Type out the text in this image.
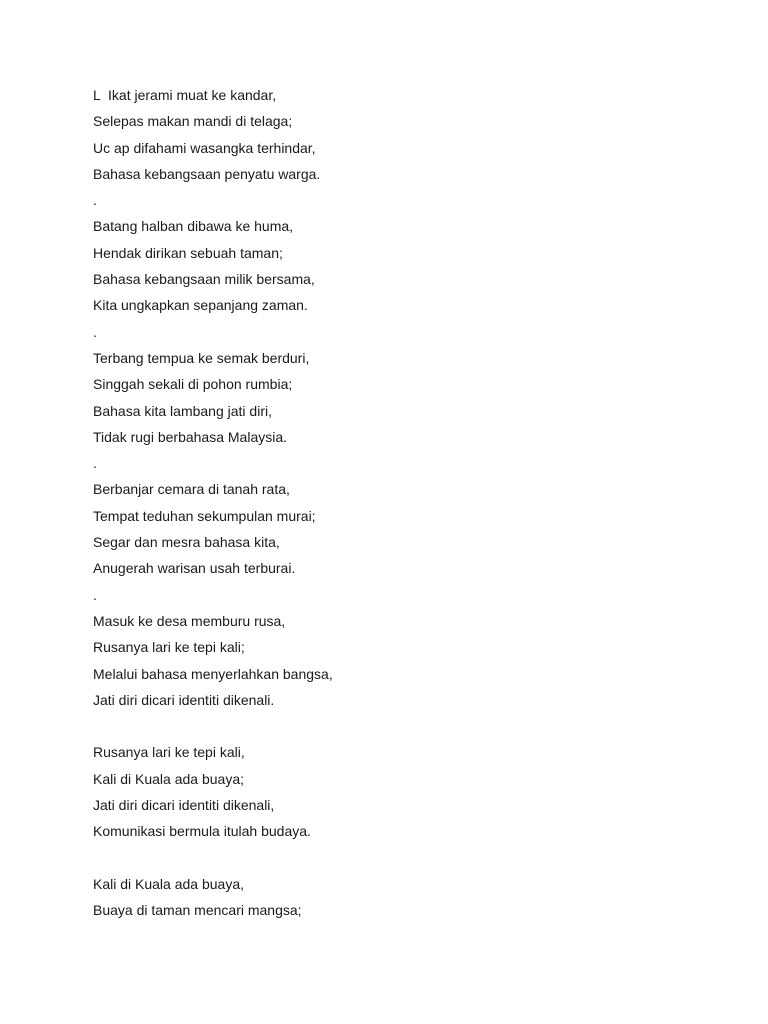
L  Ikat jerami muat ke kandar,
Selepas makan mandi di telaga;
Uc ap difahami wasangka terhindar,
Bahasa kebangsaan penyatu warga.
.
Batang halban dibawa ke huma,
Hendak dirikan sebuah taman;
Bahasa kebangsaan milik bersama,
Kita ungkapkan sepanjang zaman.
.
Terbang tempua ke semak berduri,
Singgah sekali di pohon rumbia;
Bahasa kita lambang jati diri,
Tidak rugi berbahasa Malaysia.
.
Berbanjar cemara di tanah rata,
Tempat teduhan sekumpulan murai;
Segar dan mesra bahasa kita,
Anugerah warisan usah terburai.
.
Masuk ke desa memburu rusa,
Rusanya lari ke tepi kali;
Melalui bahasa menyerlahkan bangsa,
Jati diri dicari identiti dikenali.
Rusanya lari ke tepi kali,
Kali di Kuala ada buaya;
Jati diri dicari identiti dikenali,
Komunikasi bermula itulah budaya.
Kali di Kuala ada buaya,
Buaya di taman mencari mangsa;
